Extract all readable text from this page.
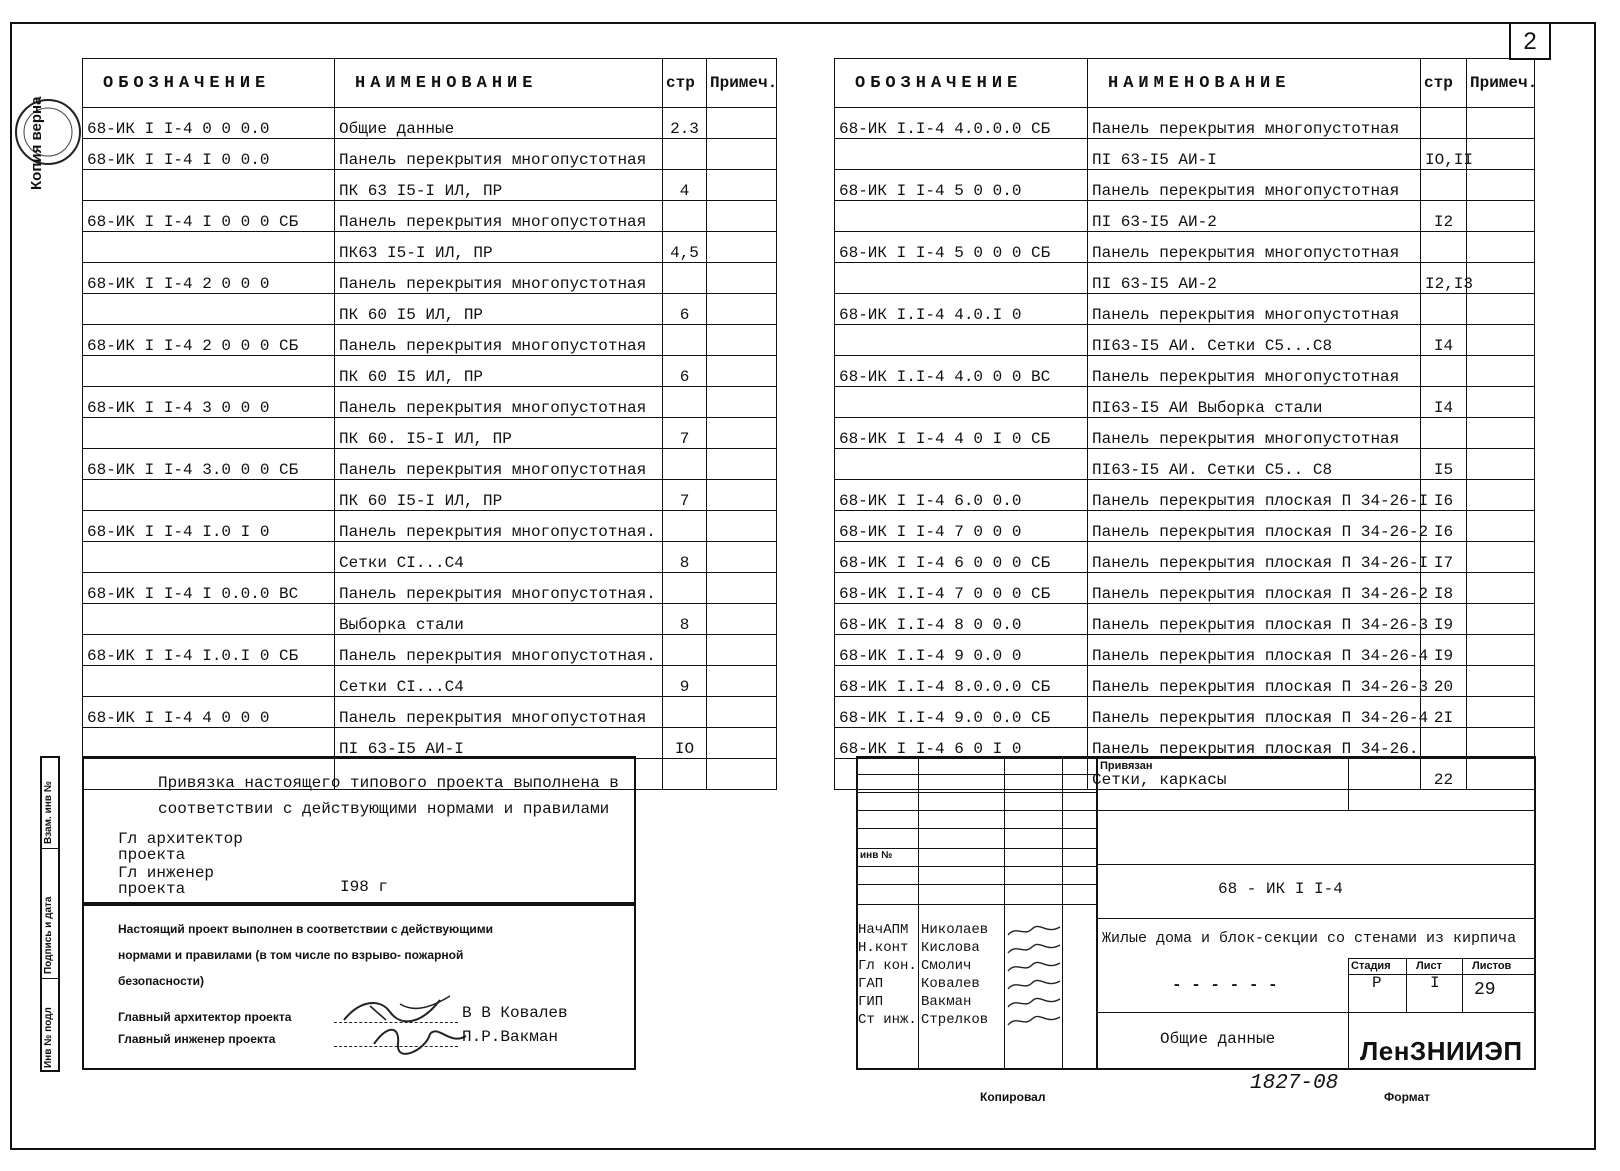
2
Копия верна
ОБОЗНАЧЕНИЕ	НАИМЕНОВАНИЕ	стр	Примеч.
68-ИК I I-4 0 0 0.0	Общие данные	2.3	
68-ИК I I-4 I 0 0.0	Панель перекрытия многопустотная		
	ПК 63 I5-I ИЛ, ПР	4	
68-ИК I I-4 I 0 0 0 СБ	Панель перекрытия многопустотная		
	ПК63 I5-I ИЛ, ПР	4,5	
68-ИК I I-4 2 0 0 0	Панель перекрытия многопустотная		
	ПК 60 I5 ИЛ, ПР	6	
68-ИК I I-4 2 0 0 0 СБ	Панель перекрытия многопустотная		
	ПК 60 I5 ИЛ, ПР	6	
68-ИК I I-4 3 0 0 0	Панель перекрытия многопустотная		
	ПК 60. I5-I ИЛ, ПР	7	
68-ИК I I-4 3.0 0 0 СБ	Панель перекрытия многопустотная		
	ПК 60 I5-I ИЛ, ПР	7	
68-ИК I I-4 I.0 I 0	Панель перекрытия многопустотная.		
	Сетки СI...С4	8	
68-ИК I I-4 I 0.0.0 ВС	Панель перекрытия многопустотная.		
	Выборка стали	8	
68-ИК I I-4 I.0.I 0 СБ	Панель перекрытия многопустотная.		
	Сетки СI...С4	9	
68-ИК I I-4 4 0 0 0	Панель перекрытия многопустотная		
	ПI 63-I5 АИ-I	IO	

ОБОЗНАЧЕНИЕ	НАИМЕНОВАНИЕ	стр	Примеч.
68-ИК I.I-4 4.0.0.0 СБ	Панель перекрытия многопустотная		
	ПI 63-I5 АИ-I	IO,II	
68-ИК I I-4 5 0 0.0	Панель перекрытия многопустотная		
	ПI 63-I5 АИ-2	I2	
68-ИК I I-4 5 0 0 0 СБ	Панель перекрытия многопустотная		
	ПI 63-I5 АИ-2	I2,I3	
68-ИК I.I-4 4.0.I 0	Панель перекрытия многопустотная		
	ПI63-I5 АИ. Сетки С5...С8	I4	
68-ИК I.I-4 4.0 0 0 ВС	Панель перекрытия многопустотная		
	ПI63-I5 АИ Выборка стали	I4	
68-ИК I I-4 4 0 I 0 СБ	Панель перекрытия многопустотная		
	ПI63-I5 АИ. Сетки С5.. С8	I5	
68-ИК I I-4 6.0 0.0	Панель перекрытия плоская П 34-26-I	I6	
68-ИК I I-4 7 0 0 0	Панель перекрытия плоская П 34-26-2	I6	
68-ИК I I-4 6 0 0 0 СБ	Панель перекрытия плоская П 34-26-I	I7	
68-ИК I.I-4 7 0 0 0 СБ	Панель перекрытия плоская П 34-26-2	I8	
68-ИК I.I-4 8 0 0.0	Панель перекрытия плоская П 34-26-3	I9	
68-ИК I.I-4 9 0.0 0	Панель перекрытия плоская П 34-26-4	I9	
68-ИК I.I-4 8.0.0.0 СБ	Панель перекрытия плоская П 34-26-3	20	
68-ИК I.I-4 9.0 0.0 СБ	Панель перекрытия плоская П 34-26-4	2I	
68-ИК I I-4 6 0 I 0	Панель перекрытия плоская П 34-26.		
	Сетки, каркасы	22	
Инв № подл
Подпись и дата
Взам. инв №	Привязка настоящего типового проекта выполнена в
соответствии с действующими нормами и правилами
Гл архитектор
проекта
Гл инженер
проекта	I98 г
Настоящий проект выполнен в соответствии с действующими
нормами и правилами (в том числе по взрыво- пожарной
безопасности)
Главный архитектор проекта	В В Ковалев
Главный инженер проекта	П.Р.Вакман
инв №
НачАПМ Николаев
Н.конт Кислова
Гл кон. Смолич
ГАП	Ковалев
ГИП	Вакман
Ст инж. Стрелков
Привязан
68 - ИК I I-4
Жилые дома и блок-секции со стенами из кирпича
Стадия Лист	Листов
Р	I 29
- - - - - -
Общие данные	ЛенЗНИИЭП
Копировал
1827-08
Формат
